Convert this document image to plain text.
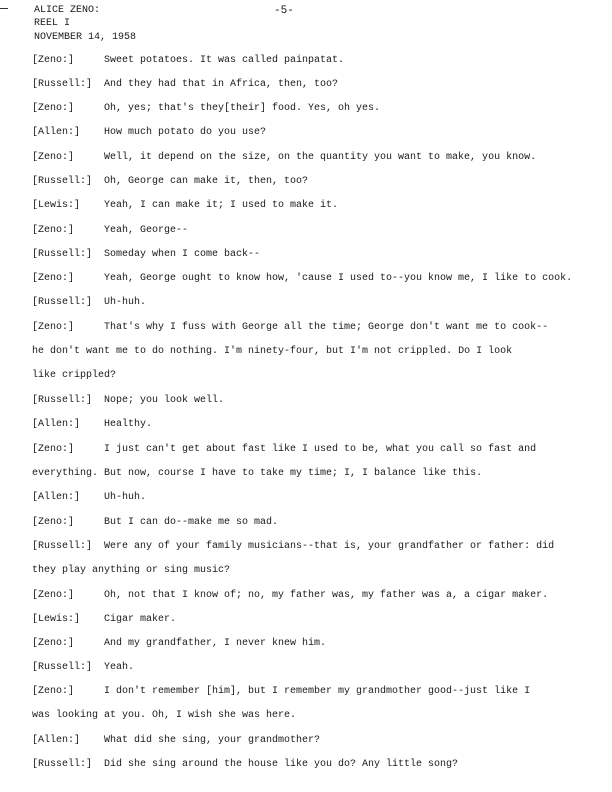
ALICE ZENO:
REEL I
NOVEMBER 14, 1958
-5-
[Zeno:]	Sweet potatoes. It was called painpatat.
[Russell:] And they had that in Africa, then, too?
[Zeno:]	Oh, yes; that's they[their] food. Yes, oh yes.
[Allen:] How much potato do you use?
[Zeno:]	Well, it depend on the size, on the quantity you want to make, you know.
[Russell:] Oh, George can make it, then, too?
[Lewis:] Yeah, I can make it; I used to make it.
[Zeno:]	Yeah, George--
[Russell:] Someday when I come back--
[Zeno:]	Yeah, George ought to know how, 'cause I used to--you know me, I like to cook.
[Russell:] Uh-huh.
[Zeno:]	That's why I fuss with George all the time; George don't want me to cook--
he don't want me to do nothing. I'm ninety-four, but I'm not crippled. Do I look
like crippled?
[Russell:] Nope; you look well.
[Allen:] Healthy.
[Zeno:]	I just can't get about fast like I used to be, what you call so fast and
everything. But now, course I have to take my time; I, I balance like this.
[Allen:] Uh-huh.
[Zeno:]	But I can do--make me so mad.
[Russell:] Were any of your family musicians--that is, your grandfather or father: did
they play anything or sing music?
[Zeno:]	Oh, not that I know of; no, my father was, my father was a, a cigar maker.
[Lewis:] Cigar maker.
[Zeno:]	And my grandfather, I never knew him.
[Russell:] Yeah.
[Zeno:]	I don't remember [him], but I remember my grandmother good--just like I
was looking at you. Oh, I wish she was here.
[Allen:] What did she sing, your grandmother?
[Russell:] Did she sing around the house like you do? Any little song?
